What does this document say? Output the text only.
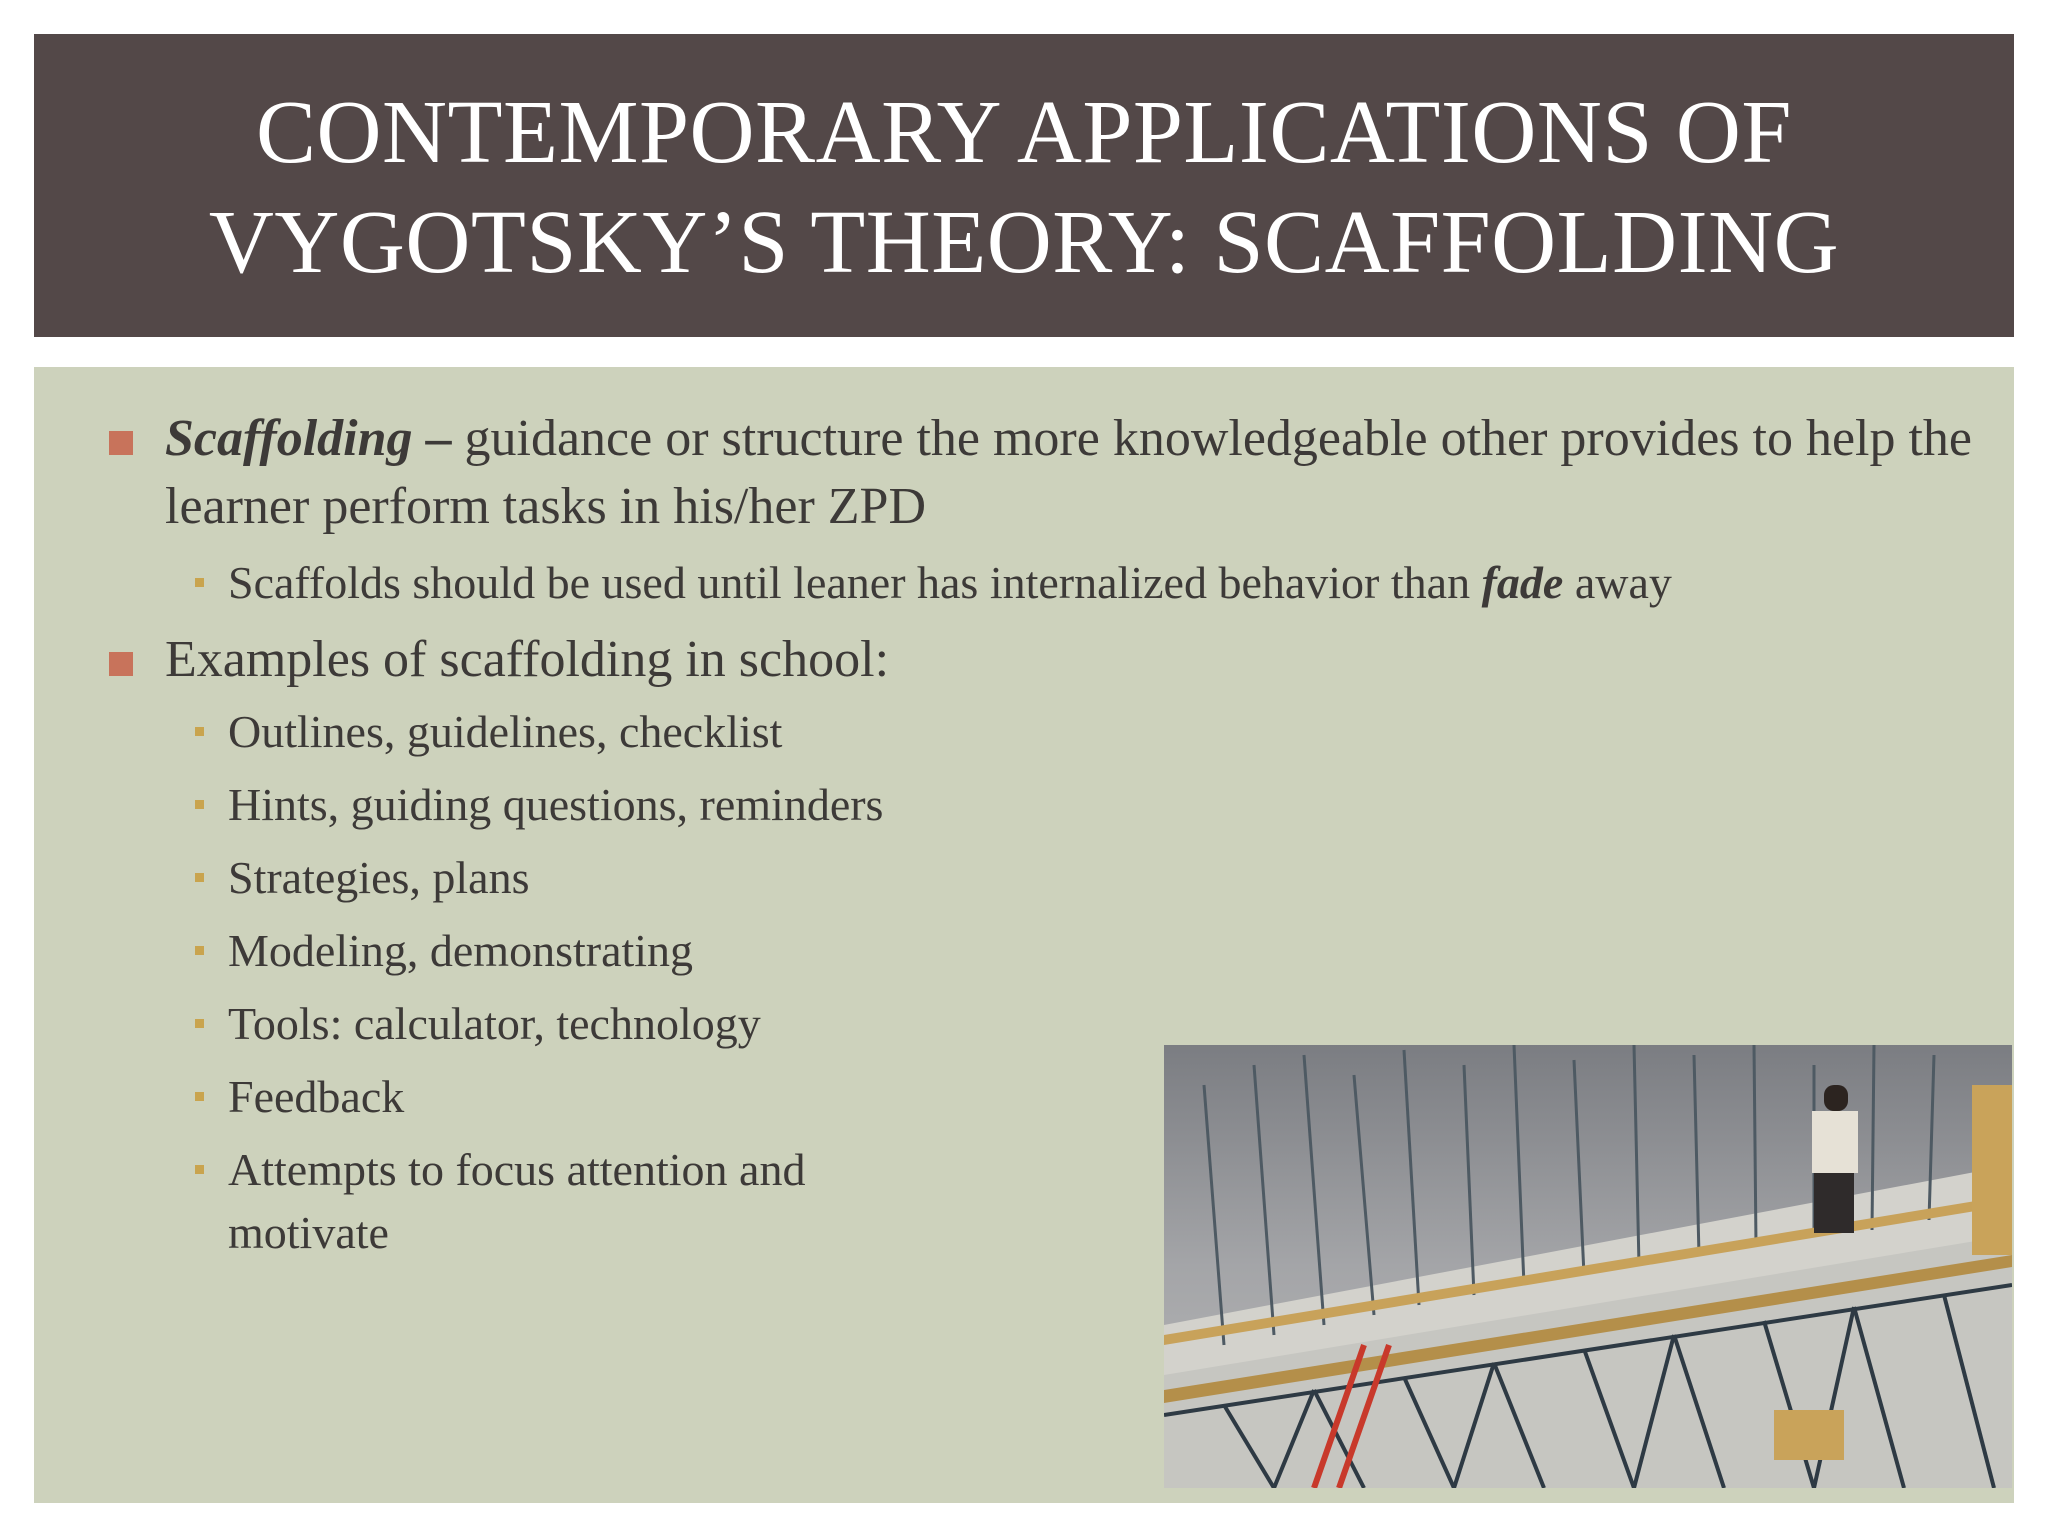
CONTEMPORARY APPLICATIONS OF
VYGOTSKY’S THEORY: SCAFFOLDING
Scaffolding – guidance or structure the more knowledgeable other provides to help the learner perform tasks in his/her ZPD
Scaffolds should be used until leaner has internalized behavior than fade away
Examples of scaffolding in school:
Outlines, guidelines, checklist
Hints, guiding questions, reminders
Strategies, plans
Modeling, demonstrating
Tools: calculator, technology
Feedback
Attempts to focus attention and motivate
